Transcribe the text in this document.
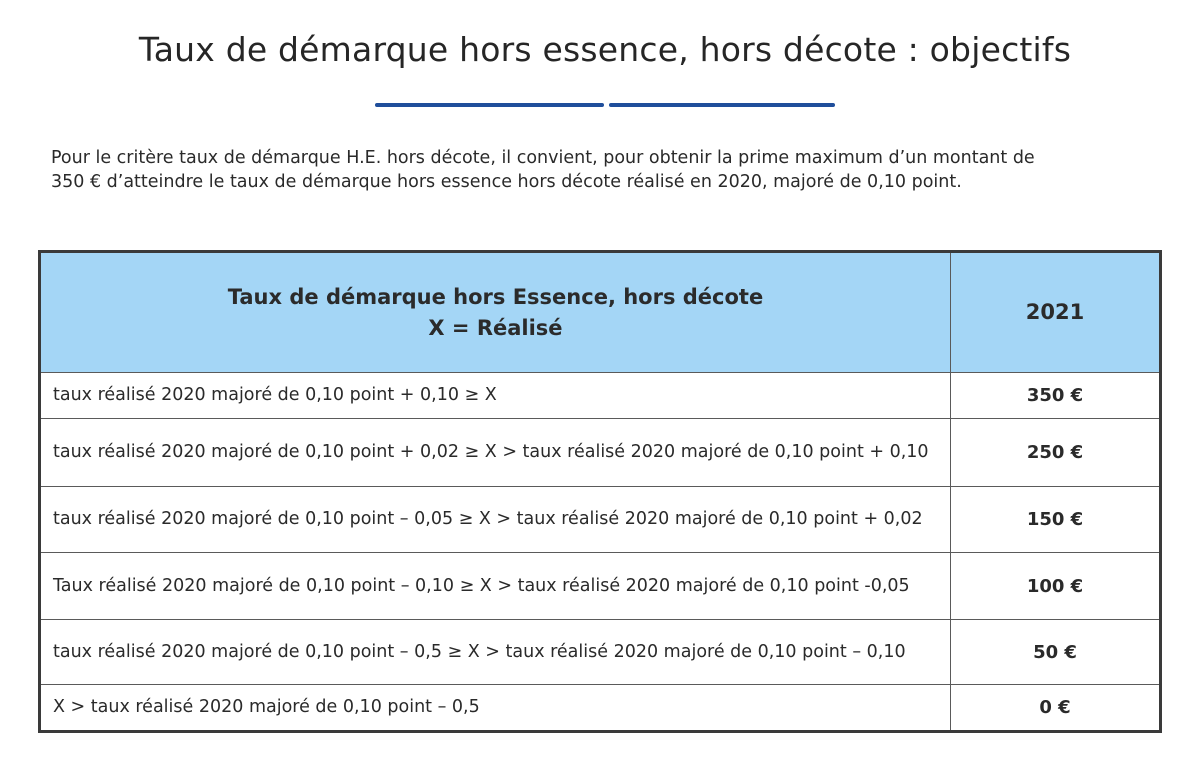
Taux de démarque hors essence, hors décote : objectifs

Pour le critère taux de démarque H.E. hors décote, il convient, pour obtenir la prime maximum d’un montant de
350 € d’atteindre le taux de démarque hors essence hors décote réalisé en 2020, majoré de 0,10 point.

Taux de démarque hors Essence, hors décote
X = Réalisé	2021
taux réalisé 2020 majoré de 0,10 point + 0,10 ≥ X	350 €
taux réalisé 2020 majoré de 0,10 point + 0,02 ≥ X > taux réalisé 2020 majoré de 0,10 point + 0,10	250 €
taux réalisé 2020 majoré de 0,10 point – 0,05 ≥ X > taux réalisé 2020 majoré de 0,10 point + 0,02	150 €
Taux réalisé 2020 majoré de 0,10 point – 0,10 ≥ X > taux réalisé 2020 majoré de 0,10 point -0,05	100 €
taux réalisé 2020 majoré de 0,10 point – 0,5 ≥ X > taux réalisé 2020 majoré de 0,10 point – 0,10	50 €
X > taux réalisé 2020 majoré de 0,10 point – 0,5	0 €
